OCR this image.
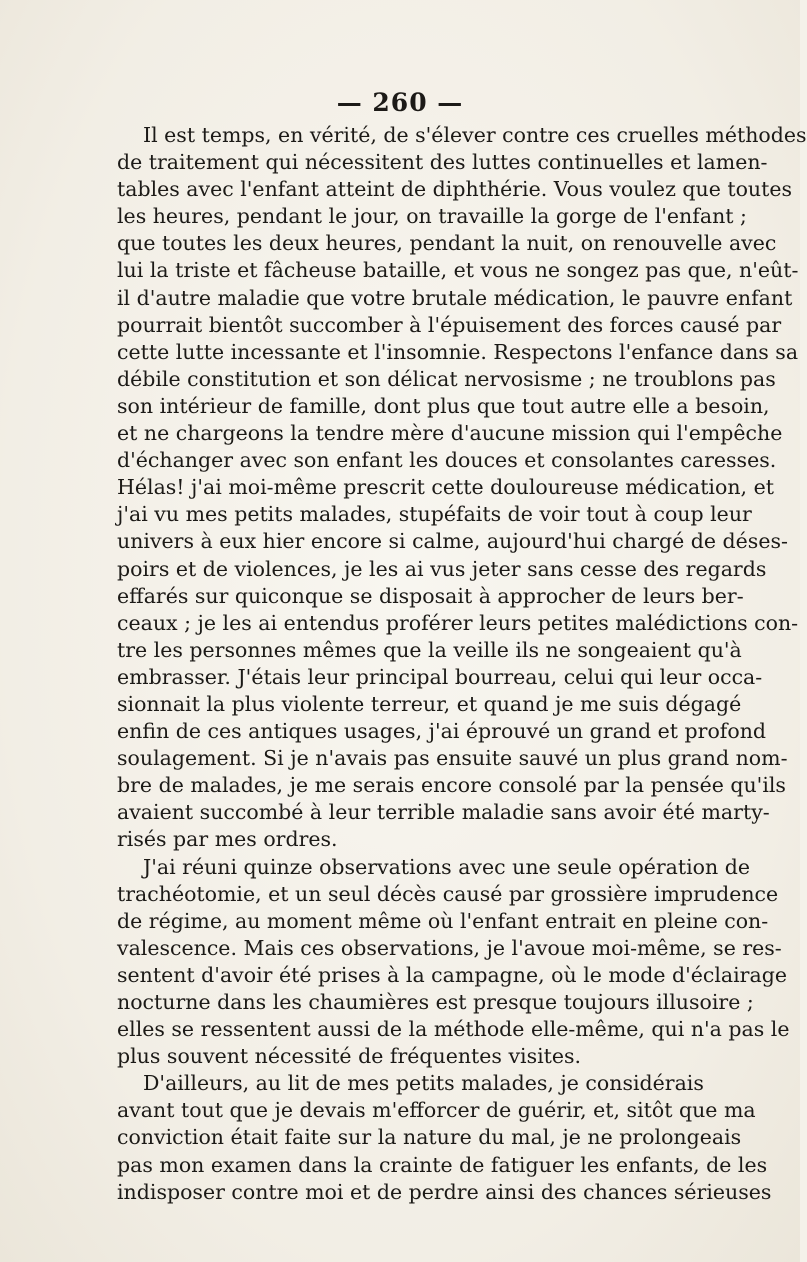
— 260 —
Il est temps, en vérité, de s'élever contre ces cruelles méthodes
de traitement qui nécessitent des luttes continuelles et lamen-
tables avec l'enfant atteint de diphthérie. Vous voulez que toutes
les heures, pendant le jour, on travaille la gorge de l'enfant ;
que toutes les deux heures, pendant la nuit, on renouvelle avec
lui la triste et fâcheuse bataille, et vous ne songez pas que, n'eût-
il d'autre maladie que votre brutale médication, le pauvre enfant
pourrait bientôt succomber à l'épuisement des forces causé par
cette lutte incessante et l'insomnie. Respectons l'enfance dans sa
débile constitution et son délicat nervosisme ; ne troublons pas
son intérieur de famille, dont plus que tout autre elle a besoin,
et ne chargeons la tendre mère d'aucune mission qui l'empêche
d'échanger avec son enfant les douces et consolantes caresses.
Hélas! j'ai moi-même prescrit cette douloureuse médication, et
j'ai vu mes petits malades, stupéfaits de voir tout à coup leur
univers à eux hier encore si calme, aujourd'hui chargé de déses-
poirs et de violences, je les ai vus jeter sans cesse des regards
effarés sur quiconque se disposait à approcher de leurs ber-
ceaux ; je les ai entendus proférer leurs petites malédictions con-
tre les personnes mêmes que la veille ils ne songeaient qu'à
embrasser. J'étais leur principal bourreau, celui qui leur occa-
sionnait la plus violente terreur, et quand je me suis dégagé
enfin de ces antiques usages, j'ai éprouvé un grand et profond
soulagement. Si je n'avais pas ensuite sauvé un plus grand nom-
bre de malades, je me serais encore consolé par la pensée qu'ils
avaient succombé à leur terrible maladie sans avoir été marty-
risés par mes ordres.
J'ai réuni quinze observations avec une seule opération de
trachéotomie, et un seul décès causé par grossière imprudence
de régime, au moment même où l'enfant entrait en pleine con-
valescence. Mais ces observations, je l'avoue moi-même, se res-
sentent d'avoir été prises à la campagne, où le mode d'éclairage
nocturne dans les chaumières est presque toujours illusoire ;
elles se ressentent aussi de la méthode elle-même, qui n'a pas le
plus souvent nécessité de fréquentes visites.
D'ailleurs, au lit de mes petits malades, je considérais
avant tout que je devais m'efforcer de guérir, et, sitôt que ma
conviction était faite sur la nature du mal, je ne prolongeais
pas mon examen dans la crainte de fatiguer les enfants, de les
indisposer contre moi et de perdre ainsi des chances sérieuses
